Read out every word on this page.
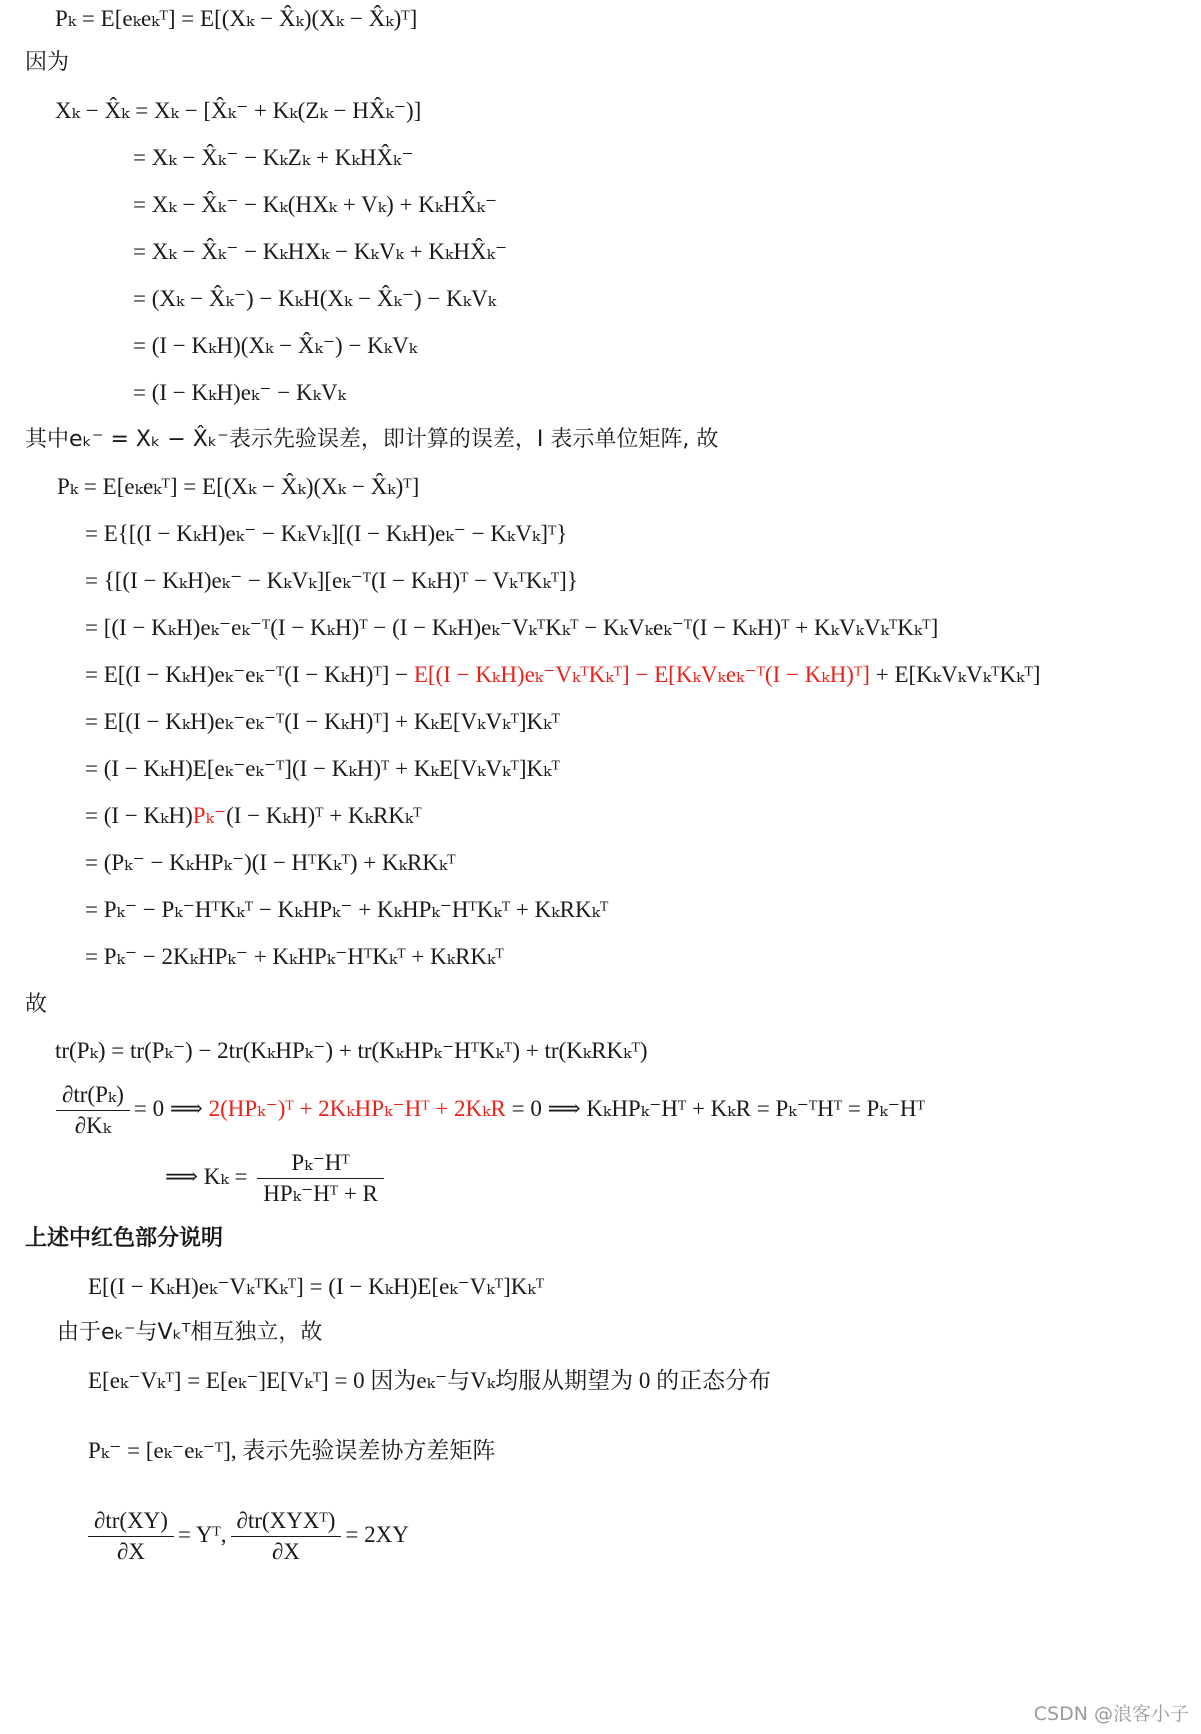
Pₖ = E[eₖeₖᵀ] = E[(Xₖ − X̂ₖ)(Xₖ − X̂ₖ)ᵀ]
因为
Xₖ − X̂ₖ = Xₖ − [X̂ₖ⁻ + Kₖ(Zₖ − HX̂ₖ⁻)]
= Xₖ − X̂ₖ⁻ − KₖZₖ + KₖHX̂ₖ⁻
= Xₖ − X̂ₖ⁻ − Kₖ(HXₖ + Vₖ) + KₖHX̂ₖ⁻
= Xₖ − X̂ₖ⁻ − KₖHXₖ − KₖVₖ + KₖHX̂ₖ⁻
= (Xₖ − X̂ₖ⁻) − KₖH(Xₖ − X̂ₖ⁻) − KₖVₖ
= (I − KₖH)(Xₖ − X̂ₖ⁻) − KₖVₖ
= (I − KₖH)eₖ⁻ − KₖVₖ
其中eₖ⁻ = Xₖ − X̂ₖ⁻表示先验误差，即计算的误差，I 表示单位矩阵, 故
Pₖ = E[eₖeₖᵀ] = E[(Xₖ − X̂ₖ)(Xₖ − X̂ₖ)ᵀ]
= E{[(I − KₖH)eₖ⁻ − KₖVₖ][(I − KₖH)eₖ⁻ − KₖVₖ]ᵀ}
= {[(I − KₖH)eₖ⁻ − KₖVₖ][eₖ⁻ᵀ(I − KₖH)ᵀ − VₖᵀKₖᵀ]}
= [(I − KₖH)eₖ⁻eₖ⁻ᵀ(I − KₖH)ᵀ − (I − KₖH)eₖ⁻VₖᵀKₖᵀ − KₖVₖeₖ⁻ᵀ(I − KₖH)ᵀ + KₖVₖVₖᵀKₖᵀ]
= E[(I − KₖH)eₖ⁻eₖ⁻ᵀ(I − KₖH)ᵀ] − E[(I − KₖH)eₖ⁻VₖᵀKₖᵀ] − E[KₖVₖeₖ⁻ᵀ(I − KₖH)ᵀ] + E[KₖVₖVₖᵀKₖᵀ]
= E[(I − KₖH)eₖ⁻eₖ⁻ᵀ(I − KₖH)ᵀ] + KₖE[VₖVₖᵀ]Kₖᵀ
= (I − KₖH)E[eₖ⁻eₖ⁻ᵀ](I − KₖH)ᵀ + KₖE[VₖVₖᵀ]Kₖᵀ
= (I − KₖH)Pₖ⁻(I − KₖH)ᵀ + KₖRKₖᵀ
= (Pₖ⁻ − KₖHPₖ⁻)(I − HᵀKₖᵀ) + KₖRKₖᵀ
= Pₖ⁻ − Pₖ⁻HᵀKₖᵀ − KₖHPₖ⁻ + KₖHPₖ⁻HᵀKₖᵀ + KₖRKₖᵀ
= Pₖ⁻ − 2KₖHPₖ⁻ + KₖHPₖ⁻HᵀKₖᵀ + KₖRKₖᵀ
故
tr(Pₖ) = tr(Pₖ⁻) − 2tr(KₖHPₖ⁻) + tr(KₖHPₖ⁻HᵀKₖᵀ) + tr(KₖRKₖᵀ)
$\frac{\text{∂tr(Pₖ)}}{\text{∂Kₖ}} = 0$ ⟹ 2(HPₖ⁻)ᵀ + 2KₖHPₖ⁻Hᵀ + 2KₖR = 0 ⟹ KₖHPₖ⁻Hᵀ + KₖR = Pₖ⁻ᵀHᵀ = Pₖ⁻Hᵀ
⟹ $K_k = \frac{\text{Pₖ⁻Hᵀ}}{\text{HPₖ⁻Hᵀ + R}}$
上述中红色部分说明
E[(I − KₖH)eₖ⁻VₖᵀKₖᵀ] = (I − KₖH)E[eₖ⁻Vₖᵀ]Kₖᵀ
由于eₖ⁻与Vₖᵀ相互独立，故
E[eₖ⁻Vₖᵀ] = E[eₖ⁻]E[Vₖᵀ] = 0 因为eₖ⁻与Vₖ均服从期望为 0 的正态分布
Pₖ⁻ = [eₖ⁻eₖ⁻ᵀ], 表示先验误差协方差矩阵
$\frac{\partial tr(XY)}{\partial X}$ = Yᵀ, $\frac{\text{∂tr(XYXᵀ)}}{\partial X} = 2XY$
CSDN @浪客小子
